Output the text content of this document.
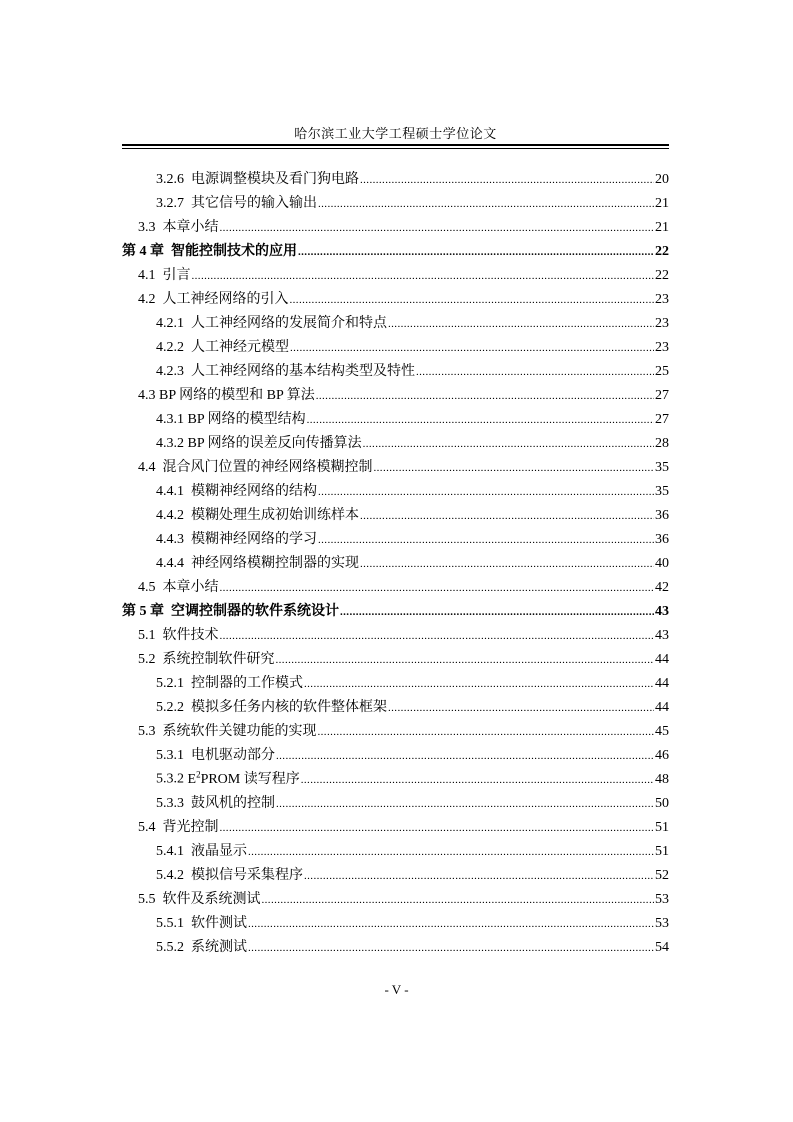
哈尔滨工业大学工程硕士学位论文
3.2.6 电源调整模块及看门狗电路 .....	20
3.2.7 其它信号的输入输出 .....	21
3.3 本章小结 .....	21
第 4 章 智能控制技术的应用 .....	22
4.1 引言 .....	22
4.2 人工神经网络的引入 .....	23
4.2.1 人工神经网络的发展简介和特点 .....	23
4.2.2 人工神经元模型 .....	23
4.2.3 人工神经网络的基本结构类型及特性 .....	25
4.3 BP 网络的模型和 BP 算法 .....	27
4.3.1 BP 网络的模型结构 .....	27
4.3.2 BP 网络的误差反向传播算法 .....	28
4.4 混合风门位置的神经网络模糊控制 .....	35
4.4.1 模糊神经网络的结构 .....	35
4.4.2 模糊处理生成初始训练样本 .....	36
4.4.3 模糊神经网络的学习 .....	36
4.4.4 神经网络模糊控制器的实现 .....	40
4.5 本章小结 .....	42
第 5 章 空调控制器的软件系统设计 .....	43
5.1 软件技术 .....	43
5.2 系统控制软件研究 .....	44
5.2.1 控制器的工作模式 .....	44
5.2.2 模拟多任务内核的软件整体框架 .....	44
5.3 系统软件关键功能的实现 .....	45
5.3.1 电机驱动部分 .....	46
5.3.2 $E^2PROM$ 读写程序 .....	48
5.3.3 鼓风机的控制 .....	50
5.4 背光控制 .....	51
5.4.1 液晶显示 .....	51
5.4.2 模拟信号采集程序 .....	52
5.5 软件及系统测试 .....	53
5.5.1 软件测试 .....	53
5.5.2 系统测试 .....	54
- V -
